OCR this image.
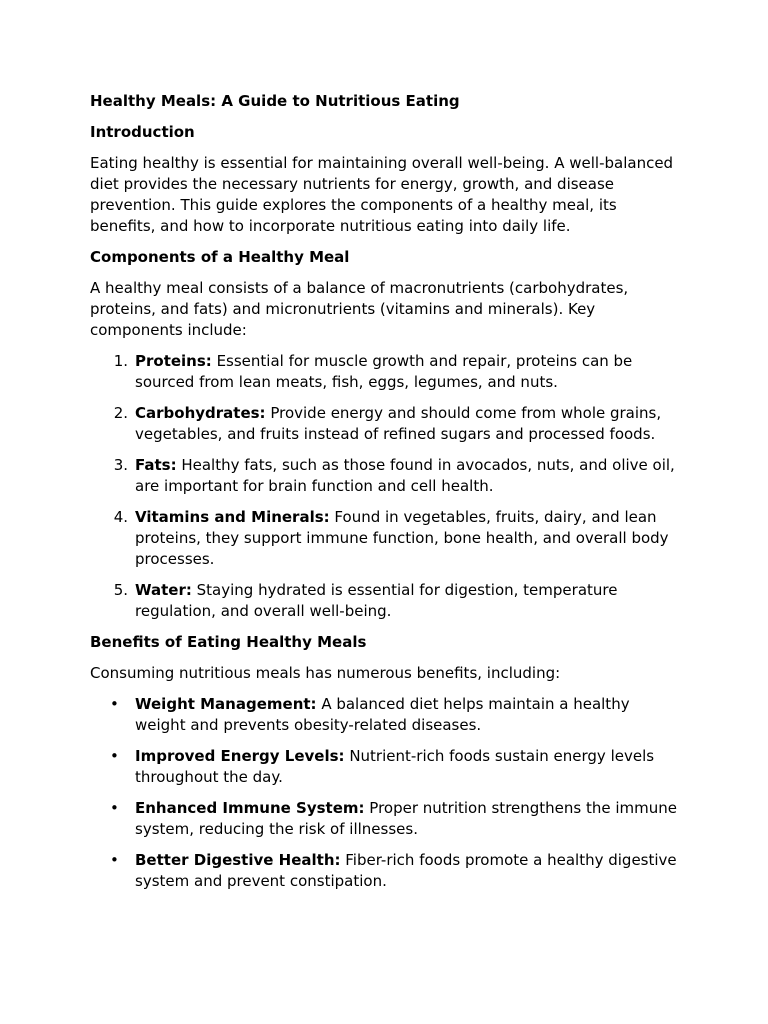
Healthy Meals: A Guide to Nutritious Eating
Introduction

Eating healthy is essential for maintaining overall well-being. A well-balanced diet provides the necessary nutrients for energy, growth, and disease prevention. This guide explores the components of a healthy meal, its benefits, and how to incorporate nutritious eating into daily life.

Components of a Healthy Meal

A healthy meal consists of a balance of macronutrients (carbohydrates, proteins, and fats) and micronutrients (vitamins and minerals). Key components include:

1. Proteins: Essential for muscle growth and repair, proteins can be sourced from lean meats, fish, eggs, legumes, and nuts.
2. Carbohydrates: Provide energy and should come from whole grains, vegetables, and fruits instead of refined sugars and processed foods.
3. Fats: Healthy fats, such as those found in avocados, nuts, and olive oil, are important for brain function and cell health.
4. Vitamins and Minerals: Found in vegetables, fruits, dairy, and lean proteins, they support immune function, bone health, and overall body processes.
5. Water: Staying hydrated is essential for digestion, temperature regulation, and overall well-being.
Benefits of Eating Healthy Meals

Consuming nutritious meals has numerous benefits, including:

• Weight Management: A balanced diet helps maintain a healthy weight and prevents obesity-related diseases.
• Improved Energy Levels: Nutrient-rich foods sustain energy levels throughout the day.
• Enhanced Immune System: Proper nutrition strengthens the immune system, reducing the risk of illnesses.
• Better Digestive Health: Fiber-rich foods promote a healthy digestive system and prevent constipation.
